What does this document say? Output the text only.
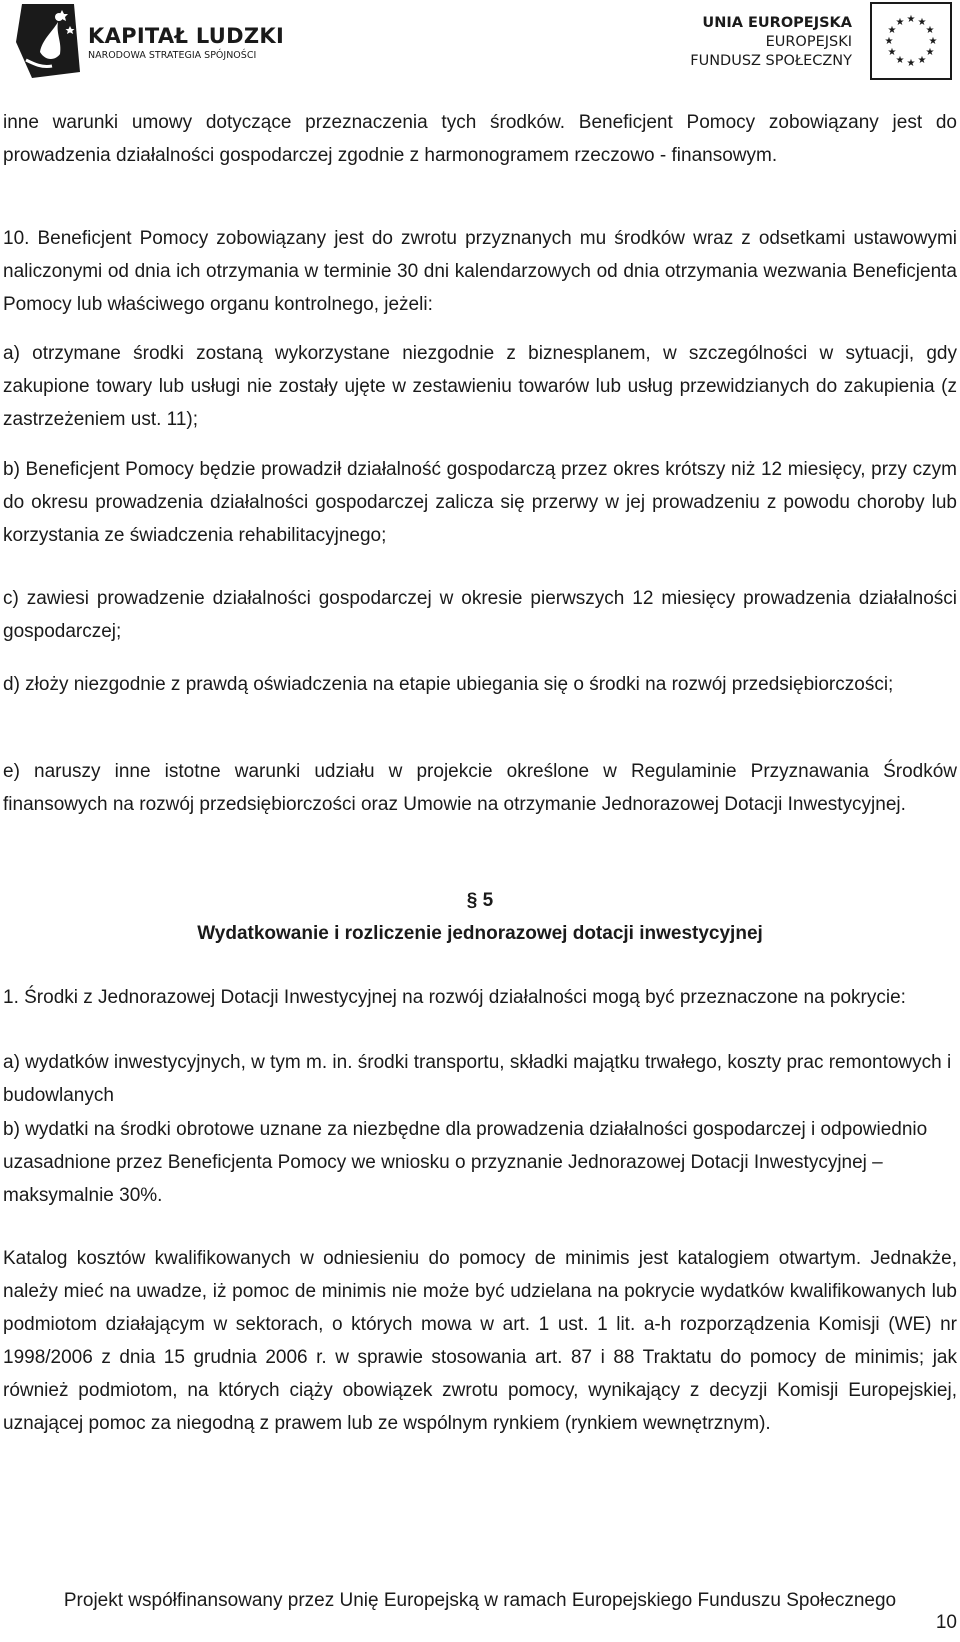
KAPITAŁ LUDZKI
NARODOWA STRATEGIA SPÓJNOŚCI
UNIA EUROPEJSKA
EUROPEJSKI
FUNDUSZ SPOŁECZNY
★ ★
★
★
★
★
★
★
★
★
★
★

inne warunki umowy dotyczące przeznaczenia tych środków. Beneficjent Pomocy zobowiązany jest do prowadzenia działalności gospodarczej zgodnie z harmonogramem rzeczowo - finansowym.

10. Beneficjent Pomocy zobowiązany jest do zwrotu przyznanych mu środków wraz z odsetkami ustawowymi naliczonymi od dnia ich otrzymania w terminie 30 dni kalendarzowych od dnia otrzymania wezwania Beneficjenta Pomocy lub właściwego organu kontrolnego, jeżeli:

a) otrzymane środki zostaną wykorzystane niezgodnie z biznesplanem, w szczególności w sytuacji, gdy zakupione towary lub usługi nie zostały ujęte w zestawieniu towarów lub usług przewidzianych do zakupienia (z zastrzeżeniem ust. 11);

b) Beneficjent Pomocy będzie prowadził działalność gospodarczą przez okres krótszy niż 12 miesięcy, przy czym do okresu prowadzenia działalności gospodarczej zalicza się przerwy w jej prowadzeniu z powodu choroby lub korzystania ze świadczenia rehabilitacyjnego;

c) zawiesi prowadzenie działalności gospodarczej w okresie pierwszych 12 miesięcy prowadzenia działalności gospodarczej;

d) złoży niezgodnie z prawdą oświadczenia na etapie ubiegania się o środki na rozwój przedsiębiorczości;

e) naruszy inne istotne warunki udziału w projekcie określone w Regulaminie Przyznawania Środków finansowych na rozwój przedsiębiorczości oraz Umowie na otrzymanie Jednorazowej Dotacji Inwestycyjnej.

§ 5

Wydatkowanie i rozliczenie jednorazowej dotacji inwestycyjnej

1. Środki z Jednorazowej Dotacji Inwestycyjnej na rozwój działalności mogą być przeznaczone na pokrycie:

a) wydatków inwestycyjnych, w tym m. in. środki transportu, składki majątku trwałego, koszty prac remontowych i budowlanych

b) wydatki na środki obrotowe uznane za niezbędne dla prowadzenia działalności gospodarczej i odpowiednio uzasadnione przez Beneficjenta Pomocy we wniosku o przyznanie Jednorazowej Dotacji Inwestycyjnej – maksymalnie 30%.

Katalog kosztów kwalifikowanych w odniesieniu do pomocy de minimis jest katalogiem otwartym. Jednakże, należy mieć na uwadze, iż pomoc de minimis nie może być udzielana na pokrycie wydatków kwalifikowanych lub podmiotom działającym w sektorach, o których mowa w art. 1 ust. 1 lit. a-h rozporządzenia Komisji (WE) nr 1998/2006 z dnia 15 grudnia 2006 r. w sprawie stosowania art. 87 i 88 Traktatu do pomocy de minimis; jak również podmiotom, na których ciąży obowiązek zwrotu pomocy, wynikający z decyzji Komisji Europejskiej, uznającej pomoc za niegodną z prawem lub ze wspólnym rynkiem (rynkiem wewnętrznym).

Projekt współfinansowany przez Unię Europejską w ramach Europejskiego Funduszu Społecznego
10
